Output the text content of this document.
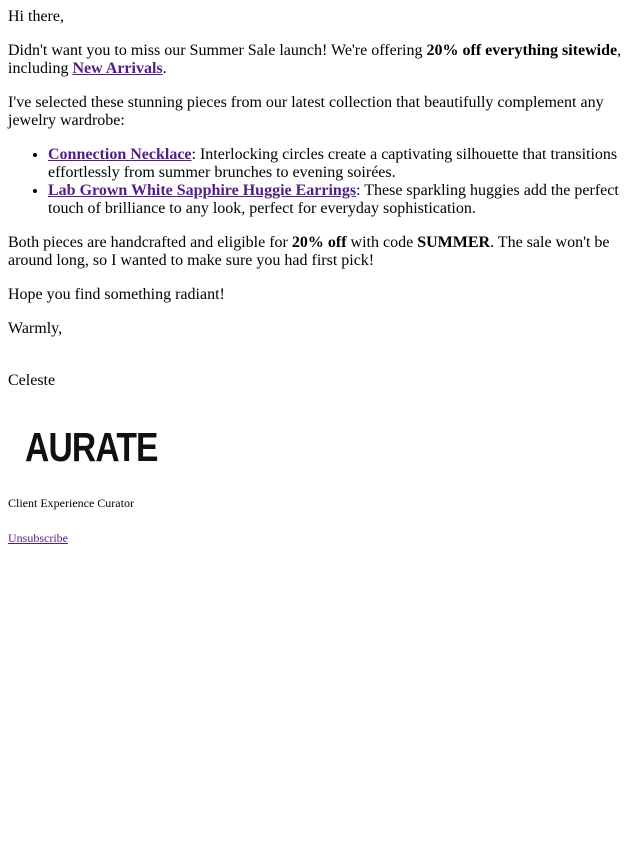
Hi there,

Didn't want you to miss our Summer Sale launch! We're offering 20% off everything sitewide, including New Arrivals.

I've selected these stunning pieces from our latest collection that beautifully complement any jewelry wardrobe:

• Connection Necklace: Interlocking circles create a captivating silhouette that transitions effortlessly from summer brunches to evening soirées.
• Lab Grown White Sapphire Huggie Earrings: These sparkling huggies add the perfect touch of brilliance to any look, perfect for everyday sophistication.

Both pieces are handcrafted and eligible for 20% off with code SUMMER. The sale won't be around long, so I wanted to make sure you had first pick!

Hope you find something radiant!

Warmly,

Celeste

AURATE

Client Experience Curator

Unsubscribe
